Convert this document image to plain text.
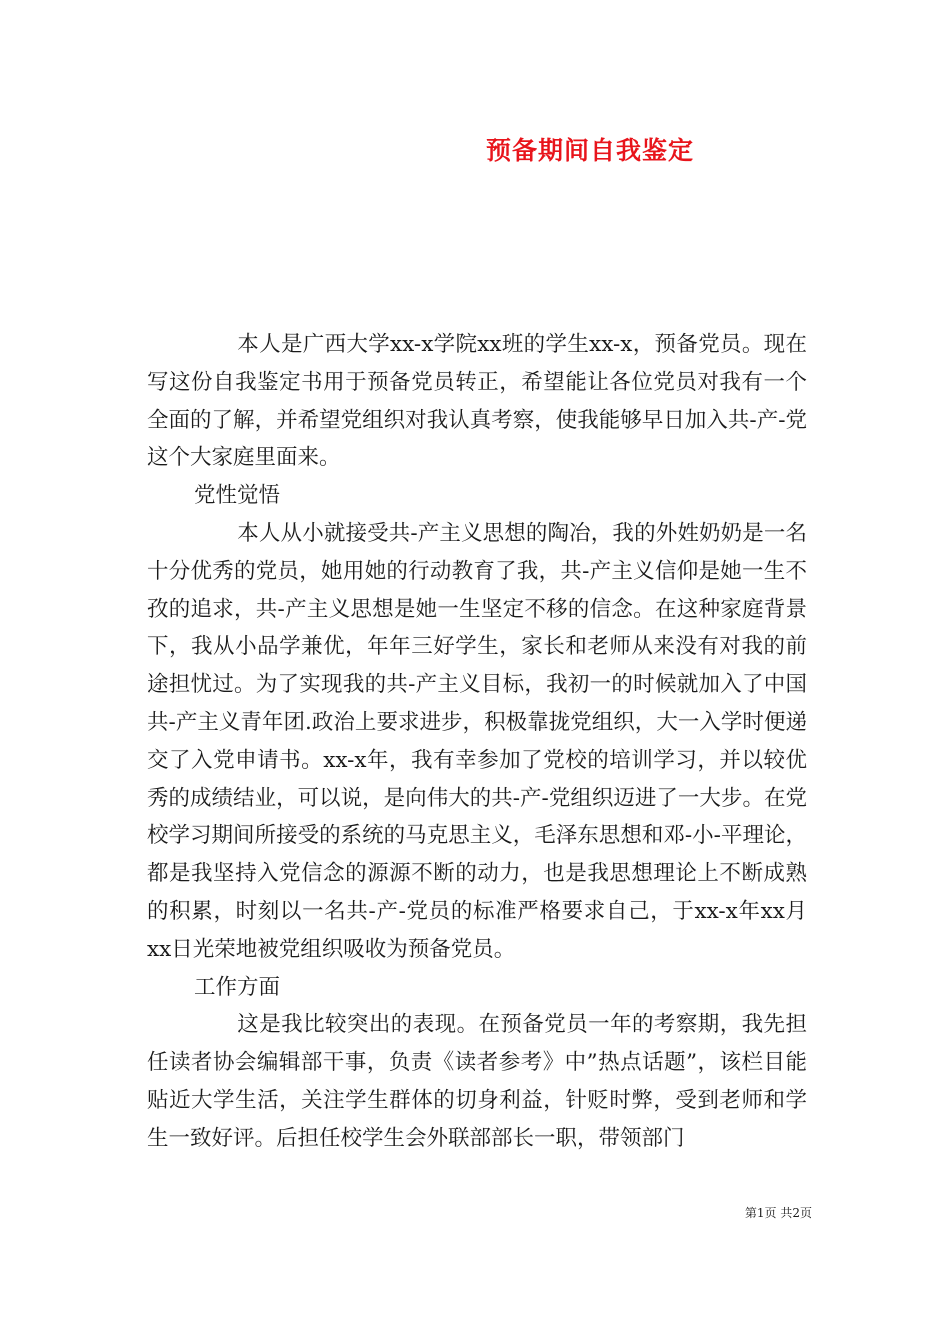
预备期间自我鉴定

本人是广西大学xx-x学院xx班的学生xx-x，预备党员。现在写这份自我鉴定书用于预备党员转正，希望能让各位党员对我有一个全面的了解，并希望党组织对我认真考察，使我能够早日加入共-产-党这个大家庭里面来。

党性觉悟

本人从小就接受共-产主义思想的陶冶，我的外姓奶奶是一名十分优秀的党员，她用她的行动教育了我，共-产主义信仰是她一生不孜的追求，共-产主义思想是她一生坚定不移的信念。在这种家庭背景下，我从小品学兼优，年年三好学生，家长和老师从来没有对我的前途担忧过。为了实现我的共-产主义目标，我初一的时候就加入了中国共-产主义青年团.政治上要求进步，积极靠拢党组织，大一入学时便递交了入党申请书。xx-x年，我有幸参加了党校的培训学习，并以较优秀的成绩结业，可以说，是向伟大的共-产-党组织迈进了一大步。在党校学习期间所接受的系统的马克思主义，毛泽东思想和邓-小-平理论，都是我坚持入党信念的源源不断的动力，也是我思想理论上不断成熟的积累，时刻以一名共-产-党员的标准严格要求自己，于xx-x年xx月xx日光荣地被党组织吸收为预备党员。

工作方面

这是我比较突出的表现。在预备党员一年的考察期，我先担任读者协会编辑部干事，负责《读者参考》中”热点话题”，该栏目能贴近大学生活，关注学生群体的切身利益，针贬时弊，受到老师和学生一致好评。后担任校学生会外联部部长一职，带领部门

第1页 共2页
